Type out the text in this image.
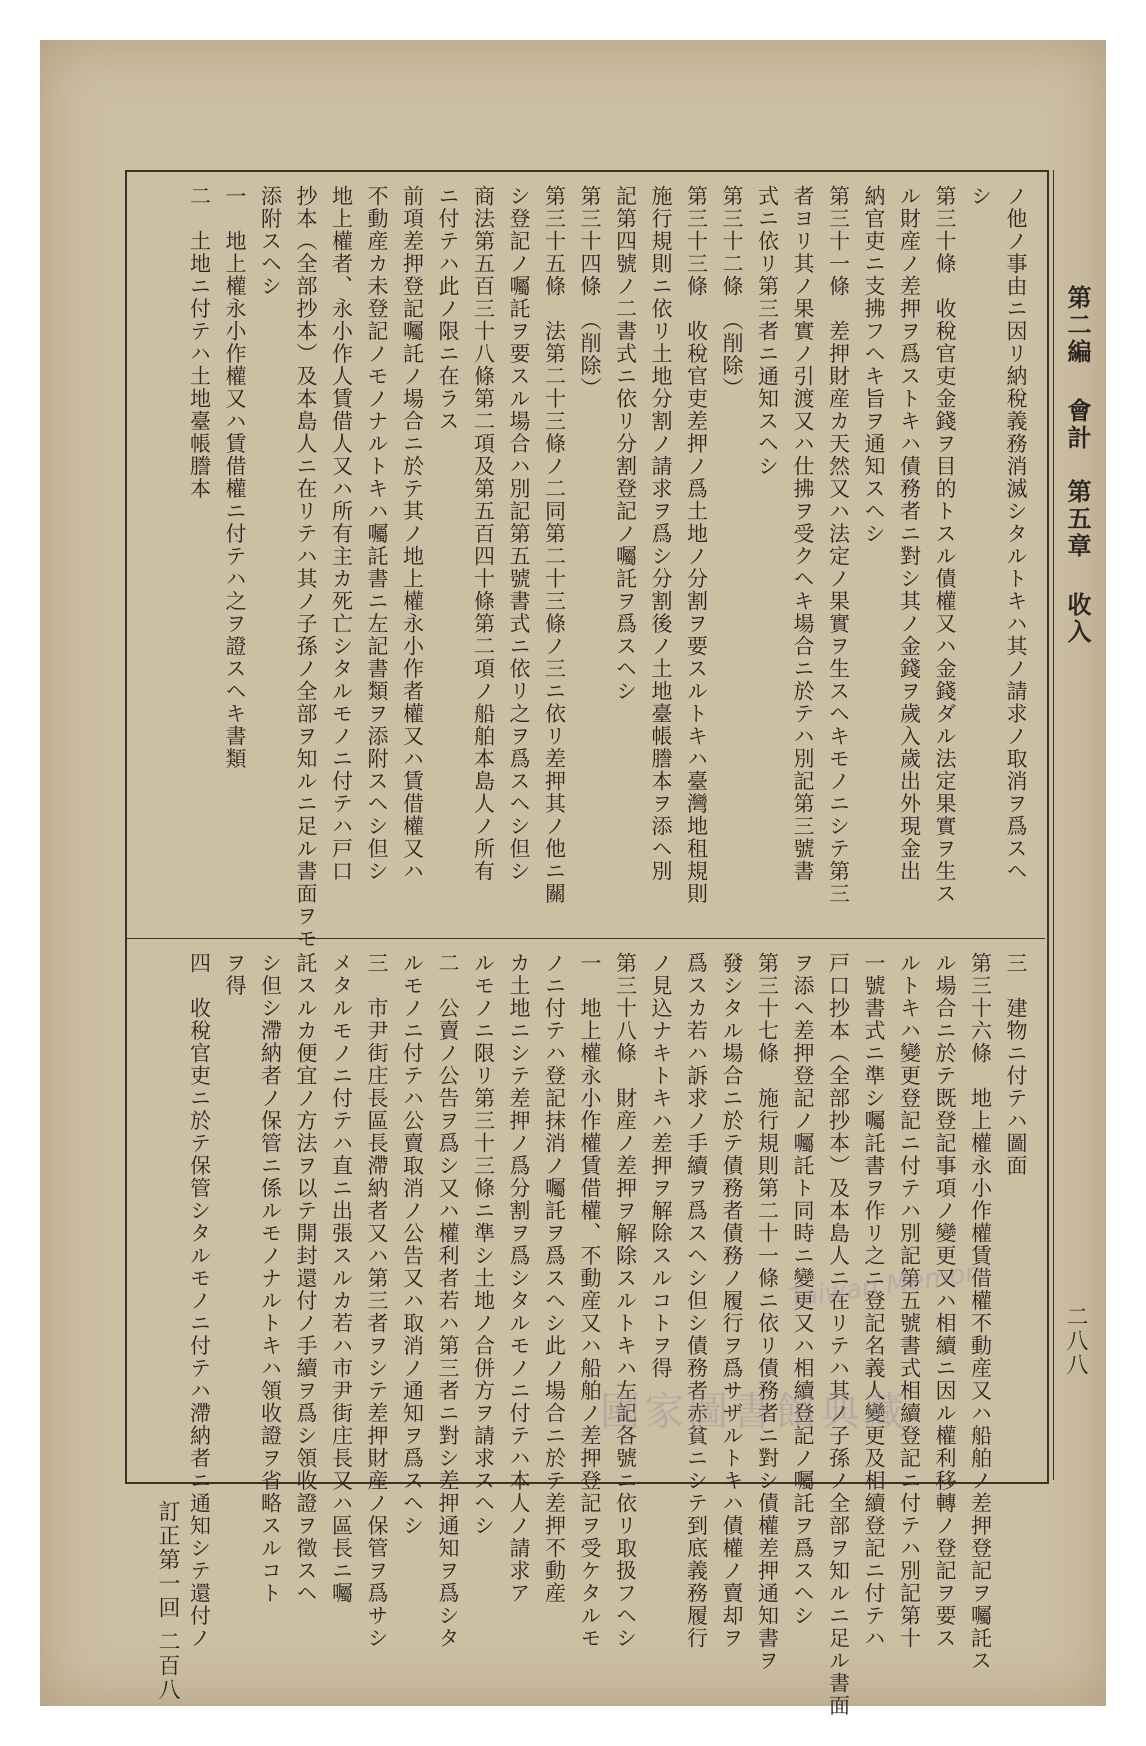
第二編 會計　第五章 收入
二八八
ノ他ノ事由ニ因リ納稅義務消滅シタルトキハ其ノ請求ノ取消ヲ爲スヘ
シ
第三十條　收稅官吏金錢ヲ目的トスル債權又ハ金錢ダル法定果實ヲ生ス
ル財産ノ差押ヲ爲ストキハ債務者ニ對シ其ノ金錢ヲ歲入歲出外現金出
納官吏ニ支拂フヘキ旨ヲ通知スヘシ
第三十一條　差押財産カ天然又ハ法定ノ果實ヲ生スヘキモノニシテ第三
者ヨリ其ノ果實ノ引渡又ハ仕拂ヲ受クヘキ場合ニ於テハ別記第三號書
式ニ依リ第三者ニ通知スヘシ
第三十二條　（削除）
第三十三條　收稅官吏差押ノ爲土地ノ分割ヲ要スルトキハ臺灣地租規則
施行規則ニ依リ土地分割ノ請求ヲ爲シ分割後ノ土地臺帳謄本ヲ添ヘ別
記第四號ノ二書式ニ依リ分割登記ノ囑託ヲ爲スヘシ
第三十四條　（削除）
第三十五條　法第二十三條ノ二同第二十三條ノ三ニ依リ差押其ノ他ニ關
シ登記ノ囑託ヲ要スル場合ハ別記第五號書式ニ依リ之ヲ爲スヘシ但シ
商法第五百三十八條第二項及第五百四十條第二項ノ船舶本島人ノ所有
ニ付テハ此ノ限ニ在ラス
前項差押登記囑託ノ場合ニ於テ其ノ地上權永小作者權又ハ賃借權又ハ
不動産カ未登記ノモノナルトキハ囑託書ニ左記書類ヲ添附スヘシ但シ
地上權者、永小作人賃借人又ハ所有主カ死亡シタルモノニ付テハ戸口
抄本（全部抄本）及本島人ニ在リテハ其ノ子孫ノ全部ヲ知ルニ足ル書面ヲモ
添附スヘシ
一　地上權永小作權又ハ賃借權ニ付テハ之ヲ證スヘキ書類
二　土地ニ付テハ土地臺帳謄本
三　建物ニ付テハ圖面
第三十六條　地上權永小作權賃借權不動産又ハ船舶ノ差押登記ヲ囑託ス
ル場合ニ於テ既登記事項ノ變更又ハ相續ニ因ル權利移轉ノ登記ヲ要ス
ルトキハ變更登記ニ付テハ別記第五號書式相續登記ニ付テハ別記第十
一號書式ニ準シ囑託書ヲ作リ之ニ登記名義人變更及相續登記ニ付テハ
戸口抄本（全部抄本）及本島人ニ在リテハ其ノ子孫ノ全部ヲ知ルニ足ル書面
ヲ添ヘ差押登記ノ囑託ト同時ニ變更又ハ相續登記ノ囑託ヲ爲スヘシ
第三十七條　施行規則第二十一條ニ依リ債務者ニ對シ債權差押通知書ヲ
發シタル場合ニ於テ債務者債務ノ履行ヲ爲サザルトキハ債權ノ賣却ヲ
爲スカ若ハ訴求ノ手續ヲ爲スヘシ但シ債務者赤貧ニシテ到底義務履行
ノ見込ナキトキハ差押ヲ解除スルコトヲ得
第三十八條　財産ノ差押ヲ解除スルトキハ左記各號ニ依リ取扱フヘシ
一　地上權永小作權賃借權、不動産又ハ船舶ノ差押登記ヲ受ケタルモ
ノニ付テハ登記抹消ノ囑託ヲ爲スヘシ此ノ場合ニ於テ差押不動産
カ土地ニシテ差押ノ爲分割ヲ爲シタルモノニ付テハ本人ノ請求ア
ルモノニ限リ第三十三條ニ準シ土地ノ合併方ヲ請求スヘシ
二　公賣ノ公告ヲ爲シ又ハ權利者若ハ第三者ニ對シ差押通知ヲ爲シタ
ルモノニ付テハ公賣取消ノ公告又ハ取消ノ通知ヲ爲スヘシ
三　市尹街庄長區長滯納者又ハ第三者ヲシテ差押財産ノ保管ヲ爲サシ
メタルモノニ付テハ直ニ出張スルカ若ハ市尹街庄長又ハ區長ニ囑
託スルカ便宜ノ方法ヲ以テ開封還付ノ手續ヲ爲シ領收證ヲ徵スヘ
シ但シ滯納者ノ保管ニ係ルモノナルトキハ領收證ヲ省略スルコト
ヲ得
四　收稅官吏ニ於テ保管シタルモノニ付テハ滯納者ニ通知シテ還付ノ
訂正第一回
二百八
Taiwan Memory
國家圖書館典藏
